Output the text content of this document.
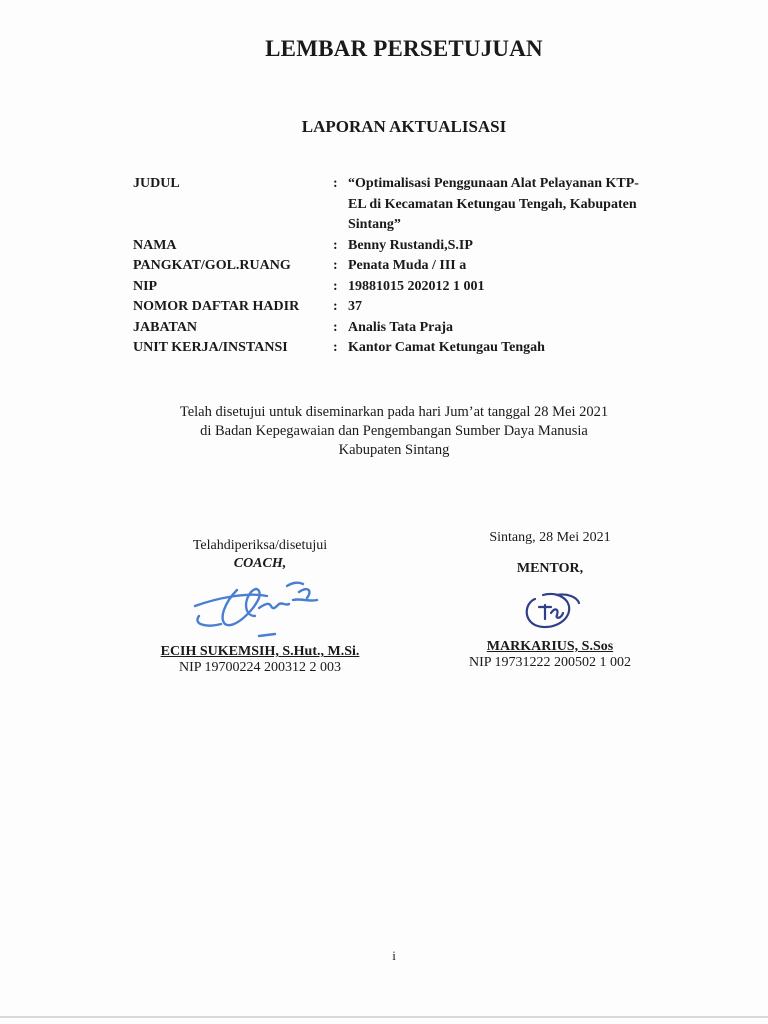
LEMBAR PERSETUJUAN
LAPORAN AKTUALISASI
JUDUL	:	“Optimalisasi Penggunaan Alat Pelayanan KTP-
EL di Kecamatan Ketungau Tengah, Kabupaten
Sintang”

NAMA	:	Benny Rustandi,S.IP
PANGKAT/GOL.RUANG	:	Penata Muda / III a
NIP	:	19881015 202012 1 001
NOMOR DAFTAR HADIR	:	37
JABATAN	:	Analis Tata Praja
UNIT KERJA/INSTANSI	:	Kantor Camat Ketungau Tengah
Telah disetujui untuk diseminarkan pada hari Jum’at tanggal 28 Mei 2021
di Badan Kepegawaian dan Pengembangan Sumber Daya Manusia
Kabupaten Sintang
Telahdiperiksa/disetujui
COACH,
ECIH SUKEMSIH, S.Hut., M.Si.
NIP 19700224 200312 2 003
Sintang, 28 Mei 2021
MENTOR,
MARKARIUS, S.Sos
NIP 19731222 200502 1 002
i
